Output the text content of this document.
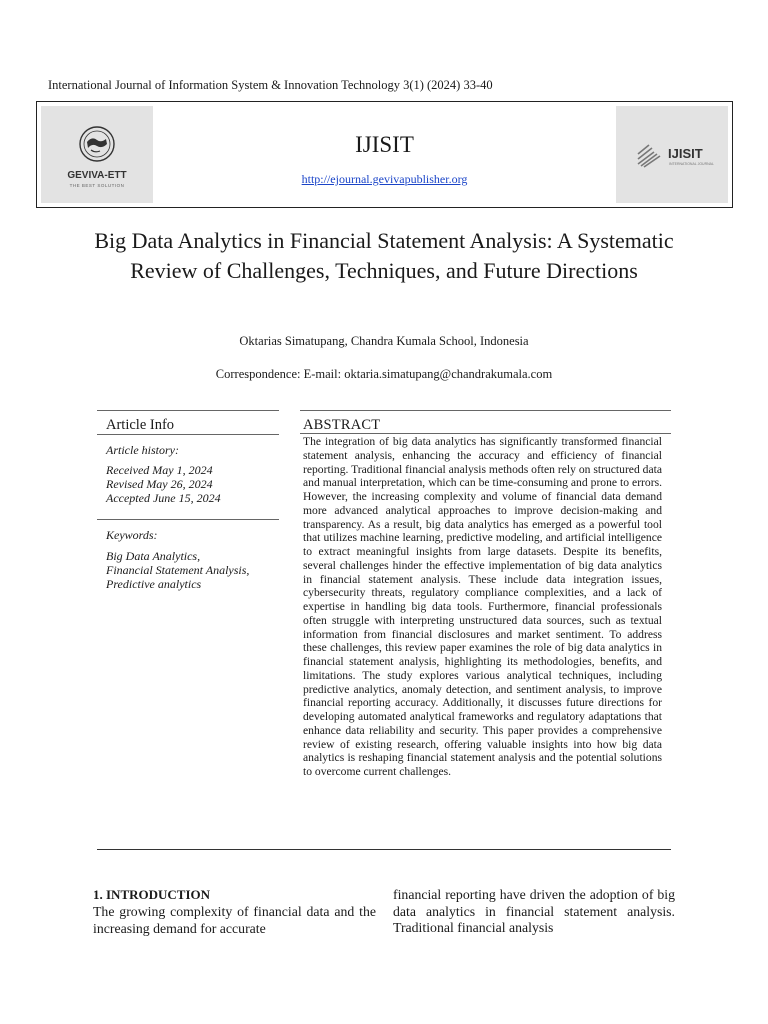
International Journal of Information System & Innovation Technology 3(1) (2024) 33-40
GEVIVA-ETT
THE BEST SOLUTION
IJISIT
http://ejournal.gevivapublisher.org
IJISIT
INTERNATIONAL JOURNAL
Big Data Analytics in Financial Statement Analysis: A Systematic Review of Challenges, Techniques, and Future Directions
Oktarias Simatupang, Chandra Kumala School, Indonesia
Correspondence: E-mail: oktaria.simatupang@chandrakumala.com
Article Info
Article history:
Received May 1, 2024
Revised May 26, 2024
Accepted June 15, 2024
Keywords:
Big Data Analytics,
Financial Statement Analysis,
Predictive analytics
ABSTRACT
The integration of big data analytics has significantly transformed financial statement analysis, enhancing the accuracy and efficiency of financial reporting. Traditional financial analysis methods often rely on structured data and manual interpretation, which can be time-consuming and prone to errors. However, the increasing complexity and volume of financial data demand more advanced analytical approaches to improve decision-making and transparency. As a result, big data analytics has emerged as a powerful tool that utilizes machine learning, predictive modeling, and artificial intelligence to extract meaningful insights from large datasets. Despite its benefits, several challenges hinder the effective implementation of big data analytics in financial statement analysis. These include data integration issues, cybersecurity threats, regulatory compliance complexities, and a lack of expertise in handling big data tools. Furthermore, financial professionals often struggle with interpreting unstructured data sources, such as textual information from financial disclosures and market sentiment. To address these challenges, this review paper examines the role of big data analytics in financial statement analysis, highlighting its methodologies, benefits, and limitations. The study explores various analytical techniques, including predictive analytics, anomaly detection, and sentiment analysis, to improve financial reporting accuracy. Additionally, it discusses future directions for developing automated analytical frameworks and regulatory adaptations that enhance data reliability and security. This paper provides a comprehensive review of existing research, offering valuable insights into how big data analytics is reshaping financial statement analysis and the potential solutions to overcome current challenges.
1. INTRODUCTION
The growing complexity of financial data and the increasing demand for accurate
financial reporting have driven the adoption of big data analytics in financial statement analysis. Traditional financial analysis
